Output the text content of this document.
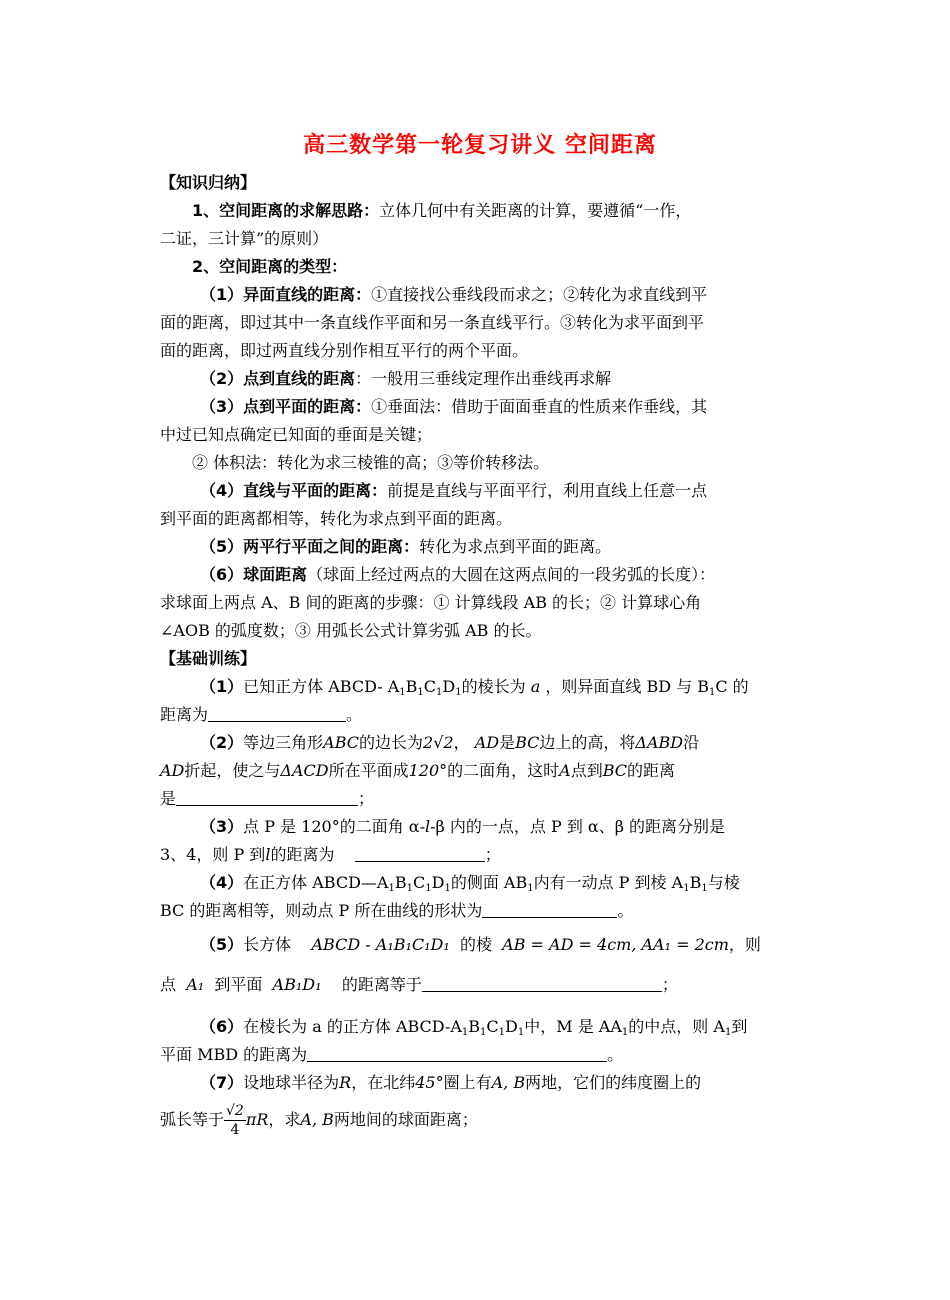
高三数学第一轮复习讲义 空间距离
【知识归纳】

1、空间距离的求解思路：立体几何中有关距离的计算，要遵循“一作，

二证，三计算”的原则）

2、空间距离的类型：

（1）异面直线的距离：①直接找公垂线段而求之；②转化为求直线到平

面的距离，即过其中一条直线作平面和另一条直线平行。③转化为求平面到平

面的距离，即过两直线分别作相互平行的两个平面。

（2）点到直线的距离：一般用三垂线定理作出垂线再求解

（3）点到平面的距离：①垂面法：借助于面面垂直的性质来作垂线，其

中过已知点确定已知面的垂面是关键；

② 体积法：转化为求三棱锥的高；③等价转移法。

（4）直线与平面的距离：前提是直线与平面平行，利用直线上任意一点

到平面的距离都相等，转化为求点到平面的距离。

（5）两平行平面之间的距离：转化为求点到平面的距离。

（6）球面距离（球面上经过两点的大圆在这两点间的一段劣弧的长度）：

求球面上两点 A、B 间的距离的步骤：① 计算线段 AB 的长；② 计算球心角

∠AOB 的弧度数；③ 用弧长公式计算劣弧 AB 的长。

【基础训练】

（1）已知正方体 ABCD- $A_1B_1C_1D_1$的棱长为 a ，则异面直线 BD 与 $B_1C$ 的

距离为	。

（2）等边三角形ABC的边长为2√2， AD是BC边上的高，将ΔABD沿

AD折起，使之与ΔACD所在平面成120°的二面角，这时A点到BC的距离

是	；

（3）点 P 是 120°的二面角 α-l-β 内的一点，点 P 到 α、β 的距离分别是

3、4，则 P 到l的距离为	；

（4）在正方体 $ABCD—A_1B_1C_1D_1$的侧面 $AB_1$内有一动点 P 到棱 $A_1B_1$与棱

BC 的距离相等，则动点 P 所在曲线的形状为	。

（5）长方体 ABCD - A₁B₁C₁D₁ 的棱 AB = AD = 4cm, AA₁ = 2cm，则

点 A₁ 到平面 AB₁D₁ 的距离等于	；

（6）在棱长为 a 的正方体 ABCD-$A_1B_1C_1D_1$中，M 是 $AA_1$的中点，则 $A_1$到

平面 MBD 的距离为	。

（7）设地球半径为R，在北纬45°圈上有A, B两地，它们的纬度圈上的

弧长等于 $\frac{√2}{4}$ πR，求A, B两地间的球面距离；
